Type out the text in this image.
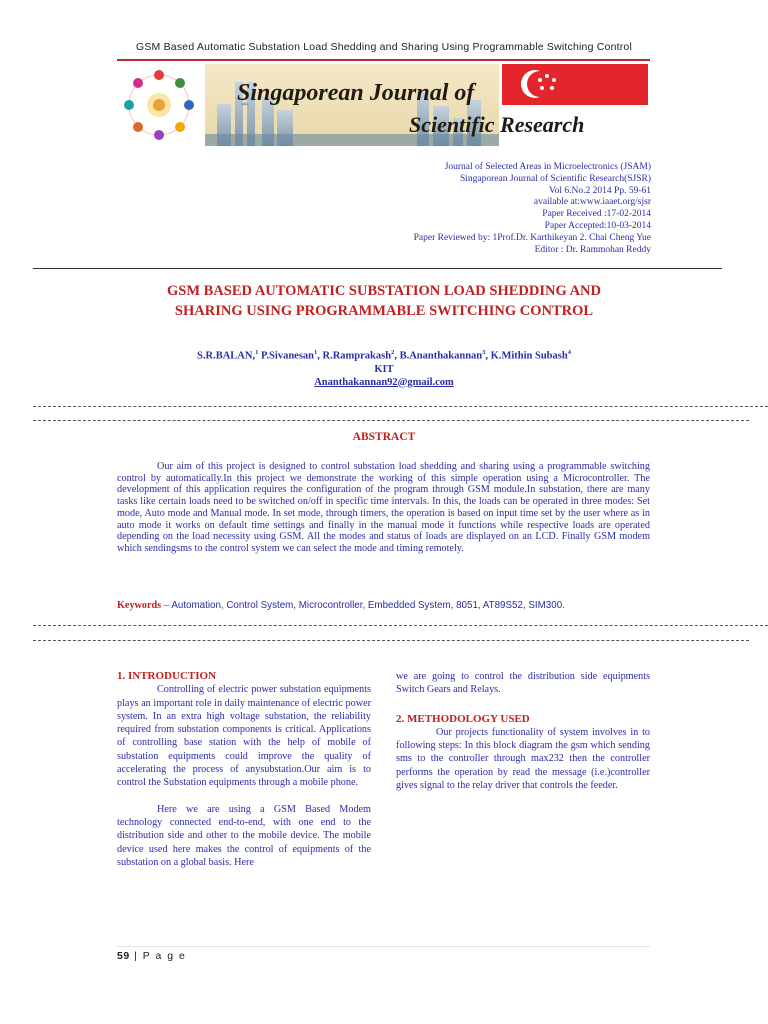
GSM Based Automatic Substation Load Shedding and Sharing Using Programmable Switching Control
Singaporean Journal of
Scientific Research
Journal of Selected Areas in Microelectronics (JSAM)
Singaporean Journal of Scientific Research(SJSR)
Vol 6.No.2 2014 Pp. 59-61
available at:www.iaaet.org/sjsr
Paper Received :17-02-2014
Paper Accepted:10-03-2014
Paper Reviewed by: 1Prof.Dr. Karthikeyan 2. Chai Cheng Yue
Editor : Dr. Rammohan Reddy
GSM BASED AUTOMATIC SUBSTATION LOAD SHEDDING AND
SHARING USING PROGRAMMABLE SWITCHING CONTROL
S.R.BALAN,$^1$ P.Sivanesan$^1$, R.Ramprakash$^2$, B.Ananthakannan$^3$, K.Mithin Subash$^4$
KIT
Ananthakannan92@gmail.com
ABSTRACT
Our aim of this project is designed to control substation load shedding and sharing using a programmable switching control by automatically.In this project we demonstrate the working of this simple operation using a Microcontroller. The development of this application requires the configuration of the program through GSM module.In substation, there are many tasks like certain loads need to be switched on/off in specific time intervals. In this, the loads can be operated in three modes: Set mode, Auto mode and Manual mode. In set mode, through timers, the operation is based on input time set by the user where as in auto mode it works on default time settings and finally in the manual mode it functions while respective loads are operated depending on the load necessity using GSM. All the modes and status of loads are displayed on an LCD. Finally GSM modem which sendingsms to the control system we can select the mode and timing remotely.
Keywords – Automation, Control System, Microcontroller, Embedded System, 8051, AT89S52, SIM300.
1. INTRODUCTION

Controlling of electric power substation equipments plays an important role in daily maintenance of electric power system. In an extra high voltage substation, the reliability required from substation components is critical. Applications of controlling base station with the help of mobile of substation equipments could improve the quality of accelerating the process of anysubstation.Our aim is to control the Substation equipments through a mobile phone.

Here we are using a GSM Based Modem technology connected end-to-end, with one end to the distribution side and other to the mobile device. The mobile device used here makes the control of equipments of the substation on a global basis. Here

we are going to control the distribution side equipments Switch Gears and Relays.

2. METHODOLOGY USED

Our projects functionality of system involves in to following steps: In this block diagram the gsm which sending sms to the controller through max232 then the controller performs the operation by read the message (i.e.)controller gives signal to the relay driver that controls the feeder.

59 | P a g e
